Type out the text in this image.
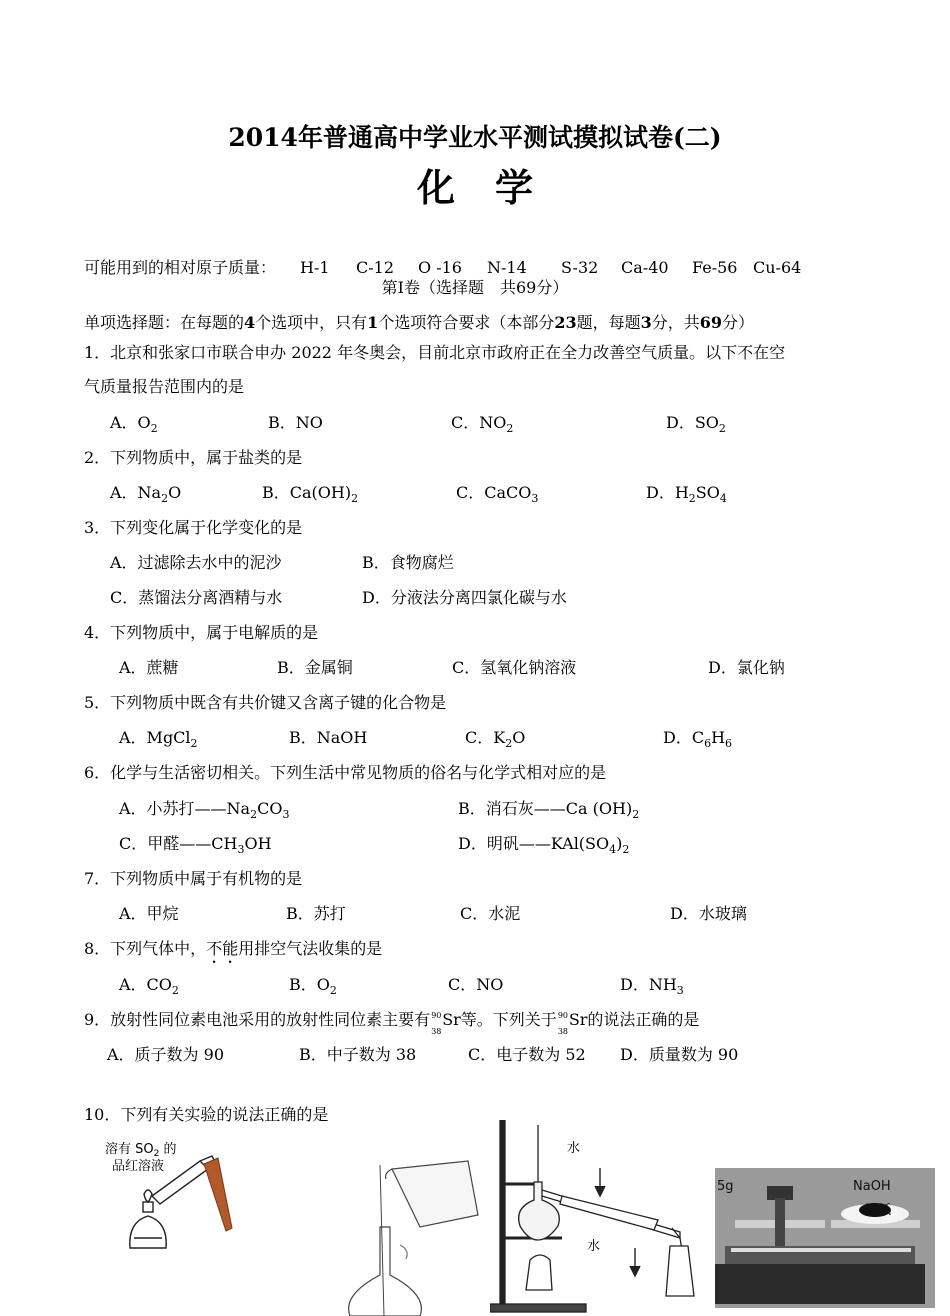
2014年普通高中学业水平测试摸拟试卷(二)
化学
可能用到的相对原子质量： H-1 C-12 O -16 N-14 S-32 Ca-40 Fe-56 Cu-64
第Ⅰ卷（选择题　共69分）
单项选择题：在每题的4个选项中，只有1个选项符合要求（本部分23题，每题3分，共69分）
1．北京和张家口市联合申办 2022 年冬奥会，目前北京市政府正在全力改善空气质量。以下不在空
气质量报告范围内的是
A．$O_2$	B．NO	C．$NO_2$	D．$SO_2$
2．下列物质中，属于盐类的是
A．$Na_2O$	B．$Ca(OH)_2$	C．CaCO$_3$	D．$H_2SO_4$
3．下列变化属于化学变化的是
A．过滤除去水中的泥沙	B．食物腐烂
C．蒸馏法分离酒精与水	D．分液法分离四氯化碳与水
4．下列物质中，属于电解质的是
A．蔗糖	B．金属铜	C．氢氧化钠溶液	D．氯化钠
5．下列物质中既含有共价键又含离子键的化合物是
A．MgCl$_2$	B．NaOH	C．$K_2O$	D．$C_6H_6$
6．化学与生活密切相关。下列生活中常见物质的俗名与化学式相对应的是
A．小苏打$——Na_2CO_3$	B．消石灰——Ca $(OH)_2$
C．甲醛$——CH_3OH$	D．明矾$——KAl(SO_4)_2$
7．下列物质中属于有机物的是
A．甲烷	B．苏打	C．水泥	D．水玻璃
8．下列气体中，不能用排空气法收集的是
A．$CO_2$	B．$O_2$	C．NO	D．$NH_3$
9．放射性同位素电池采用的放射性同位素主要有 90
38
Sr等。下列关于 90
38
Sr的说法正确的是
A．质子数为 90	B．中子数为 38	C．电子数为 52 D．质量数为 90
10．下列有关实验的说法正确的是
溶有 $SO_2$ 的
品红溶液
水
水
5g	NaOH
滤纸
